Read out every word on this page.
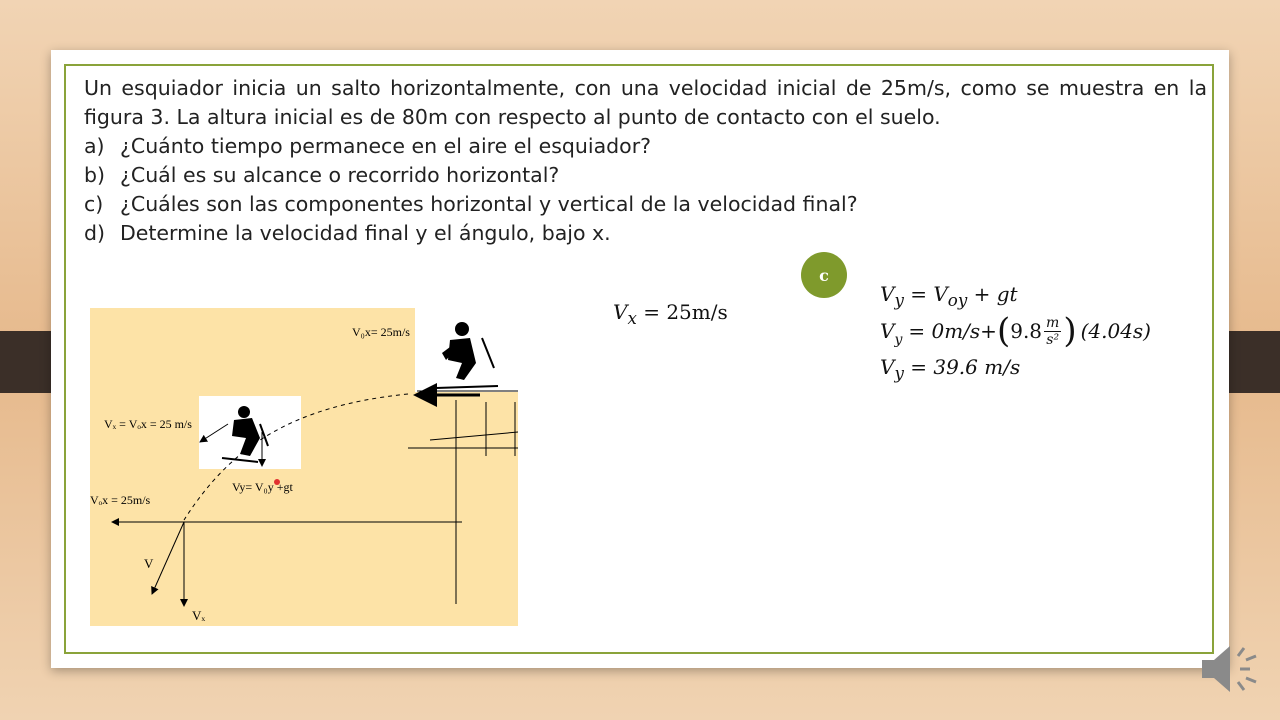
Un esquiador inicia un salto horizontalmente, con una velocidad inicial de 25m/s, como se muestra en la figura 3. La altura inicial es de 80m con respecto al punto de contacto con el suelo.

a) ¿Cuánto tiempo permanece en el aire el esquiador?
b) ¿Cuál es su alcance o recorrido horizontal?
c) ¿Cuáles son las componentes horizontal y vertical de la velocidad final?
d) Determine la velocidad final y el ángulo, bajo x.
c
$V_x = 25m/s$
$V_y = V_{oy}$ + gt
$V_y = 0m/s+$ ( 9.8 m
s² ) (4.04s)
$V_y = 39.6$ m/s
V₀x= 25m/s
Vₓ = Vₒx = 25 m/s
Vy= V₀y +gt
Vₒx = 25m/s
V
Vₓ
